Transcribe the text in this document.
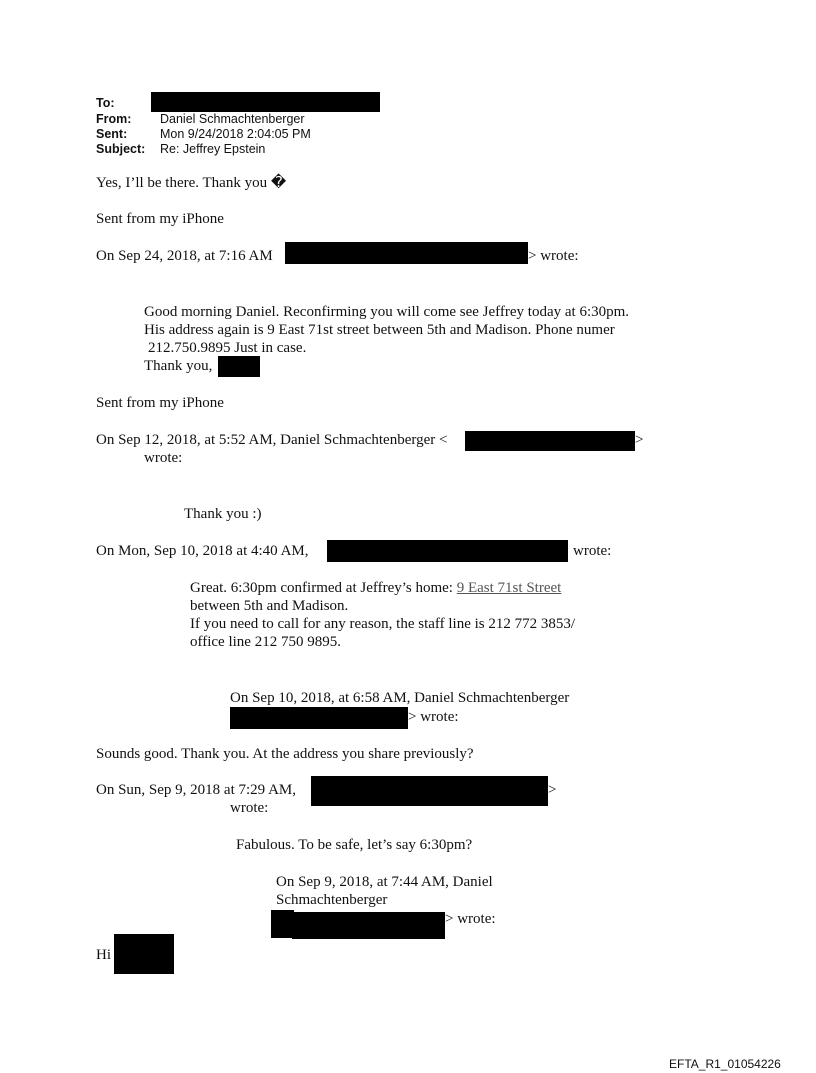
To:
From: Daniel Schmachtenberger
Sent:	Mon 9/24/2018 2:04:05 PM
Subject: Re: Jeffrey Epstein
Yes, I’ll be there. Thank you �
Sent from my iPhone
On Sep 24, 2018, at 7:16 AM	> wrote:
Good morning Daniel. Reconfirming you will come see Jeffrey today at 6:30pm.
His address again is 9 East 71st street between 5th and Madison. Phone numer
212.750.9895 Just in case.
Thank you,
Sent from my iPhone
On Sep 12, 2018, at 5:52 AM, Daniel Schmachtenberger <	>
wrote:
Thank you :)
On Mon, Sep 10, 2018 at 4:40 AM,	wrote:
Great. 6:30pm confirmed at Jeffrey’s home: 9 East 71st Street
between 5th and Madison.
If you need to call for any reason, the staff line is 212 772 3853/
office line 212 750 9895.
On Sep 10, 2018, at 6:58 AM, Daniel Schmachtenberger
> wrote:
Sounds good. Thank you. At the address you share previously?
On Sun, Sep 9, 2018 at 7:29 AM,	>
wrote:
Fabulous. To be safe, let’s say 6:30pm?
On Sep 9, 2018, at 7:44 AM, Daniel
Schmachtenberger
> wrote:
Hi
EFTA_R1_01054226
